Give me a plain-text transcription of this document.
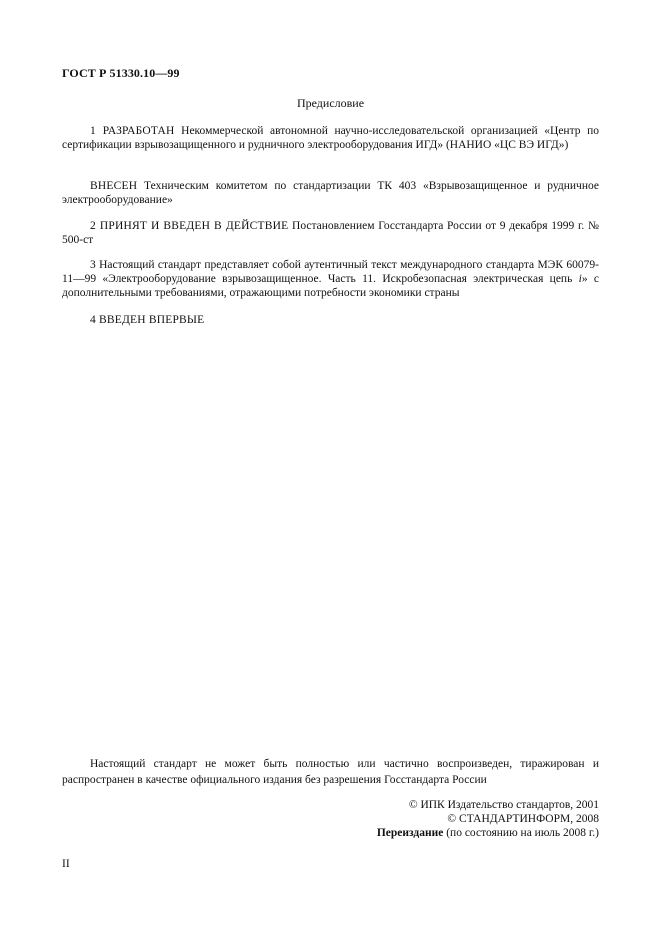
ГОСТ Р 51330.10—99
Предисловие

1 РАЗРАБОТАН Некоммерческой автономной научно-исследовательской организацией «Центр по сертификации взрывозащищенного и рудничного электрооборудования ИГД» (НАНИО «ЦС ВЭ ИГД»)

ВНЕСЕН Техническим комитетом по стандартизации ТК 403 «Взрывозащищенное и рудничное электрооборудование»

2 ПРИНЯТ И ВВЕДЕН В ДЕЙСТВИЕ Постановлением Госстандарта России от 9 декабря 1999 г. № 500-ст

3 Настоящий стандарт представляет собой аутентичный текст международного стандарта МЭК 60079-11—99 «Электрооборудование взрывозащищенное. Часть 11. Искробезопасная электрическая цепь i» с дополнительными требованиями, отражающими потребности экономики страны

4 ВВЕДЕН ВПЕРВЫЕ

Настоящий стандарт не может быть полностью или частично воспроизведен, тиражирован и распространен в качестве официального издания без разрешения Госстандарта России

© ИПК Издательство стандартов, 2001
© СТАНДАРТИНФОРМ, 2008
Переиздание (по состоянию на июль 2008 г.)
II
